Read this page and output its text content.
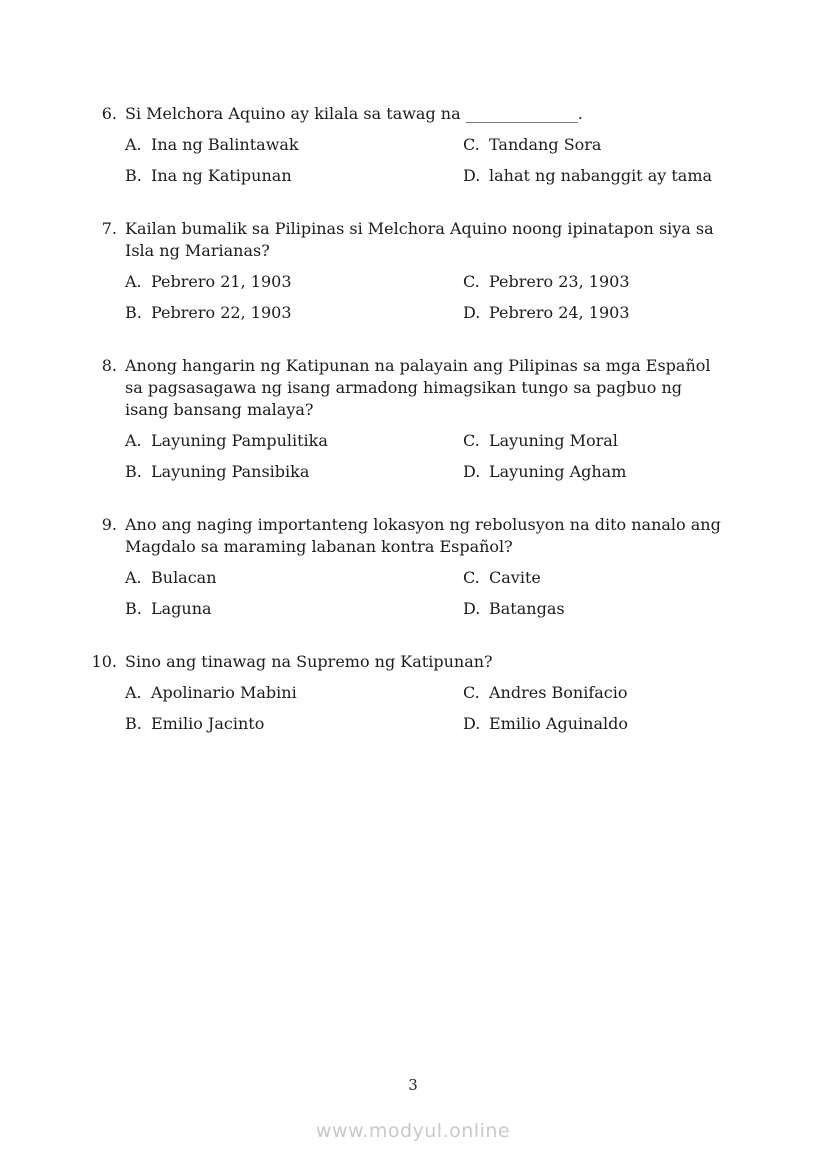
6. Si Melchora Aquino ay kilala sa tawag na ______________.
A. Ina ng Balintawak	C. Tandang Sora
B. Ina ng Katipunan	D. lahat ng nabanggit ay tama
7. Kailan bumalik sa Pilipinas si Melchora Aquino noong ipinatapon siya sa Isla ng Marianas?
A. Pebrero 21, 1903	C. Pebrero 23, 1903
B. Pebrero 22, 1903	D. Pebrero 24, 1903
8. Anong hangarin ng Katipunan na palayain ang Pilipinas sa mga Español sa pagsasagawa ng isang armadong himagsikan tungo sa pagbuo ng isang bansang malaya?
A. Layuning Pampulitika	C. Layuning Moral
B. Layuning Pansibika	D. Layuning Agham
9. Ano ang naging importanteng lokasyon ng rebolusyon na dito nanalo ang Magdalo sa maraming labanan kontra Español?
A. Bulacan	C. Cavite
B. Laguna	D. Batangas
10. Sino ang tinawag na Supremo ng Katipunan?
A. Apolinario Mabini	C. Andres Bonifacio
B. Emilio Jacinto	D. Emilio Aguinaldo
3
www.modyul.online
